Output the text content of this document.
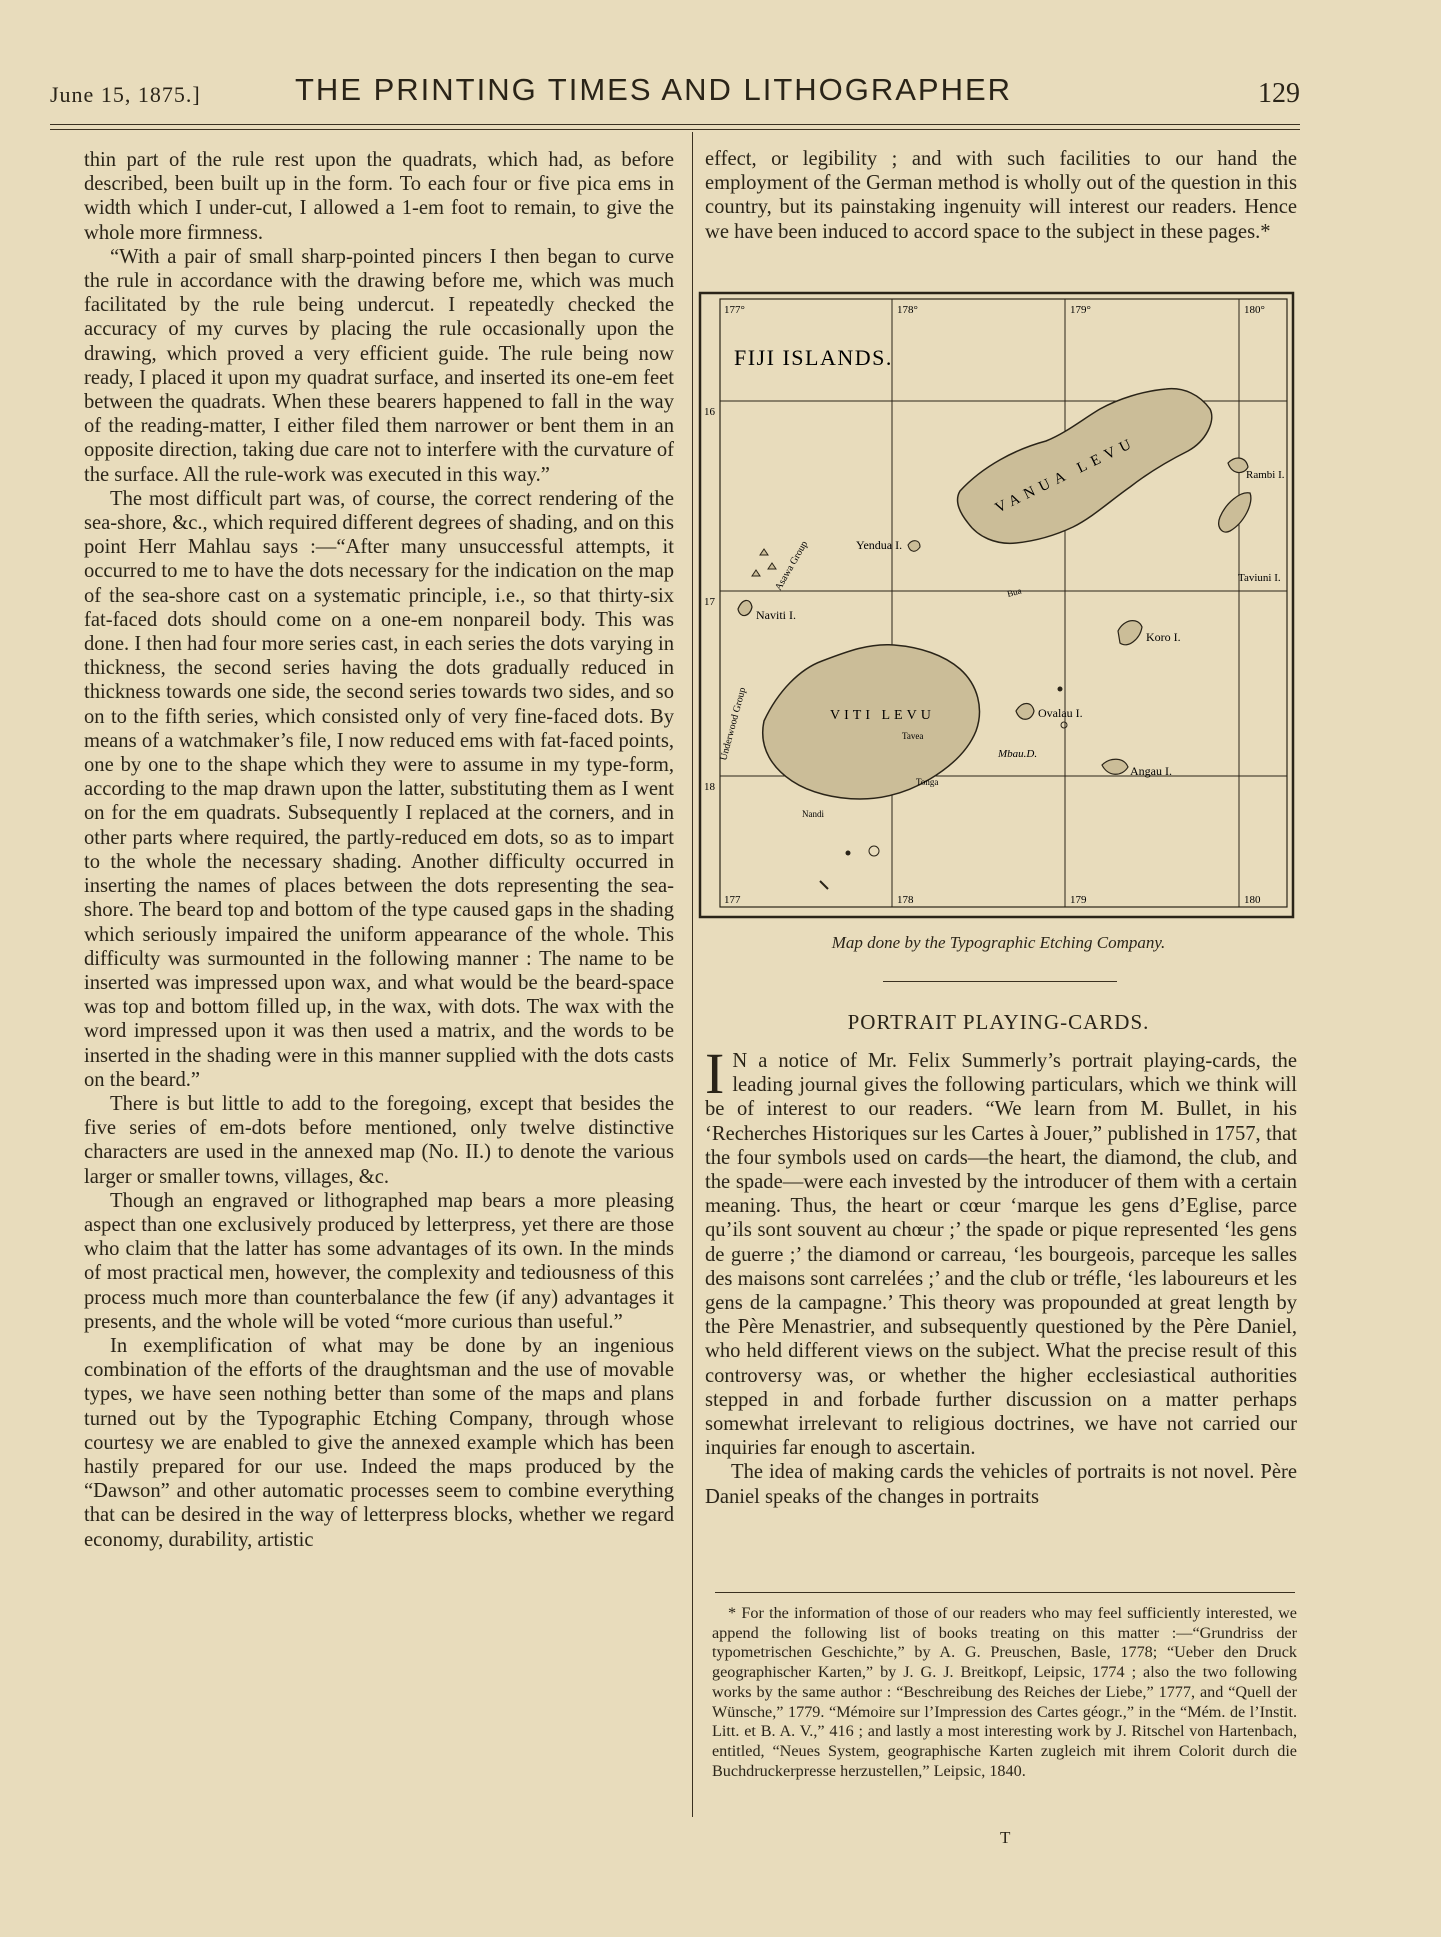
June 15, 1875.]	THE PRINTING TIMES AND LITHOGRAPHER	129

thin part of the rule rest upon the quadrats, which had, as before described, been built up in the form. To each four or five pica ems in width which I under-cut, I allowed a 1-em foot to remain, to give the whole more firmness.

“With a pair of small sharp-pointed pincers I then began to curve the rule in accordance with the drawing before me, which was much facilitated by the rule being undercut. I repeatedly checked the accuracy of my curves by placing the rule occasionally upon the drawing, which proved a very efficient guide. The rule being now ready, I placed it upon my quadrat surface, and inserted its one-em feet between the quadrats. When these bearers happened to fall in the way of the reading-matter, I either filed them narrower or bent them in an opposite direction, taking due care not to interfere with the curvature of the surface. All the rule-work was executed in this way.”

The most difficult part was, of course, the correct rendering of the sea-shore, &c., which required different degrees of shading, and on this point Herr Mahlau says :—“After many unsuccessful attempts, it occurred to me to have the dots necessary for the indication on the map of the sea-shore cast on a systematic principle, i.e., so that thirty-six fat-faced dots should come on a one-em nonpareil body. This was done. I then had four more series cast, in each series the dots varying in thickness, the second series having the dots gradually reduced in thickness towards one side, the second series towards two sides, and so on to the fifth series, which consisted only of very fine-faced dots. By means of a watchmaker’s file, I now reduced ems with fat-faced points, one by one to the shape which they were to assume in my type-form, according to the map drawn upon the latter, substituting them as I went on for the em quadrats. Subsequently I replaced at the corners, and in other parts where required, the partly-reduced em dots, so as to impart to the whole the necessary shading. Another difficulty occurred in inserting the names of places between the dots representing the sea-shore. The beard top and bottom of the type caused gaps in the shading which seriously impaired the uniform appearance of the whole. This difficulty was surmounted in the following manner : The name to be inserted was impressed upon wax, and what would be the beard-space was top and bottom filled up, in the wax, with dots. The wax with the word impressed upon it was then used a matrix, and the words to be inserted in the shading were in this manner supplied with the dots casts on the beard.”

There is but little to add to the foregoing, except that besides the five series of em-dots before mentioned, only twelve distinctive characters are used in the annexed map (No. II.) to denote the various larger or smaller towns, villages, &c.

Though an engraved or lithographed map bears a more pleasing aspect than one exclusively produced by letterpress, yet there are those who claim that the latter has some advantages of its own. In the minds of most practical men, however, the complexity and tediousness of this process much more than counterbalance the few (if any) advantages it presents, and the whole will be voted “more curious than useful.”

In exemplification of what may be done by an ingenious combination of the efforts of the draughtsman and the use of movable types, we have seen nothing better than some of the maps and plans turned out by the Typographic Etching Company, through whose courtesy we are enabled to give the annexed example which has been hastily prepared for our use. Indeed the maps produced by the “Dawson” and other automatic processes seem to combine everything that can be desired in the way of letterpress blocks, whether we regard economy, durability, artistic

effect, or legibility ; and with such facilities to our hand the employment of the German method is wholly out of the question in this country, but its painstaking ingenuity will interest our readers. Hence we have been induced to accord space to the subject in these pages.*

177°	178°	179°	180°
177	178	179	180
16
17
18
FIJI ISLANDS.
VANUA LEVU
VITI LEVU
Yendua I.
Naviti I.
Koro I.
Ovalau I.
Angau I.
Rambi I.
Taviuni I.
Mbau.D.
Asawa Group
Underwood Group
Tonga
Tavea
Bua
Nandi
Map done by the Typographic Etching Company.
PORTRAIT PLAYING-CARDS.

I N a notice of Mr. Felix Summerly’s portrait playing-cards, the leading journal gives the following particulars, which we think will be of interest to our readers. “We learn from M. Bullet, in his ‘Recherches Historiques sur les Cartes à Jouer,” published in 1757, that the four symbols used on cards—the heart, the diamond, the club, and the spade—were each invested by the introducer of them with a certain meaning. Thus, the heart or cœur ‘marque les gens d’Eglise, parce qu’ils sont souvent au chœur ;’ the spade or pique represented ‘les gens de guerre ;’ the diamond or carreau, ‘les bourgeois, parceque les salles des maisons sont carrelées ;’ and the club or tréfle, ‘les laboureurs et les gens de la campagne.’ This theory was propounded at great length by the Père Menastrier, and subsequently questioned by the Père Daniel, who held different views on the subject. What the precise result of this controversy was, or whether the higher ecclesiastical authorities stepped in and forbade further discussion on a matter perhaps somewhat irrelevant to religious doctrines, we have not carried our inquiries far enough to ascertain.

The idea of making cards the vehicles of portraits is not novel. Père Daniel speaks of the changes in portraits

* For the information of those of our readers who may feel sufficiently interested, we append the following list of books treating on this matter :—“Grundriss der typometrischen Geschichte,” by A. G. Preuschen, Basle, 1778; “Ueber den Druck geographischer Karten,” by J. G. J. Breitkopf, Leipsic, 1774 ; also the two following works by the same author : “Beschreibung des Reiches der Liebe,” 1777, and “Quell der Wünsche,” 1779. “Mémoire sur l’Impression des Cartes géogr.,” in the “Mém. de l’Instit. Litt. et B. A. V.,” 416 ; and lastly a most interesting work by J. Ritschel von Hartenbach, entitled, “Neues System, geographische Karten zugleich mit ihrem Colorit durch die Buchdruckerpresse herzustellen,” Leipsic, 1840.

T
